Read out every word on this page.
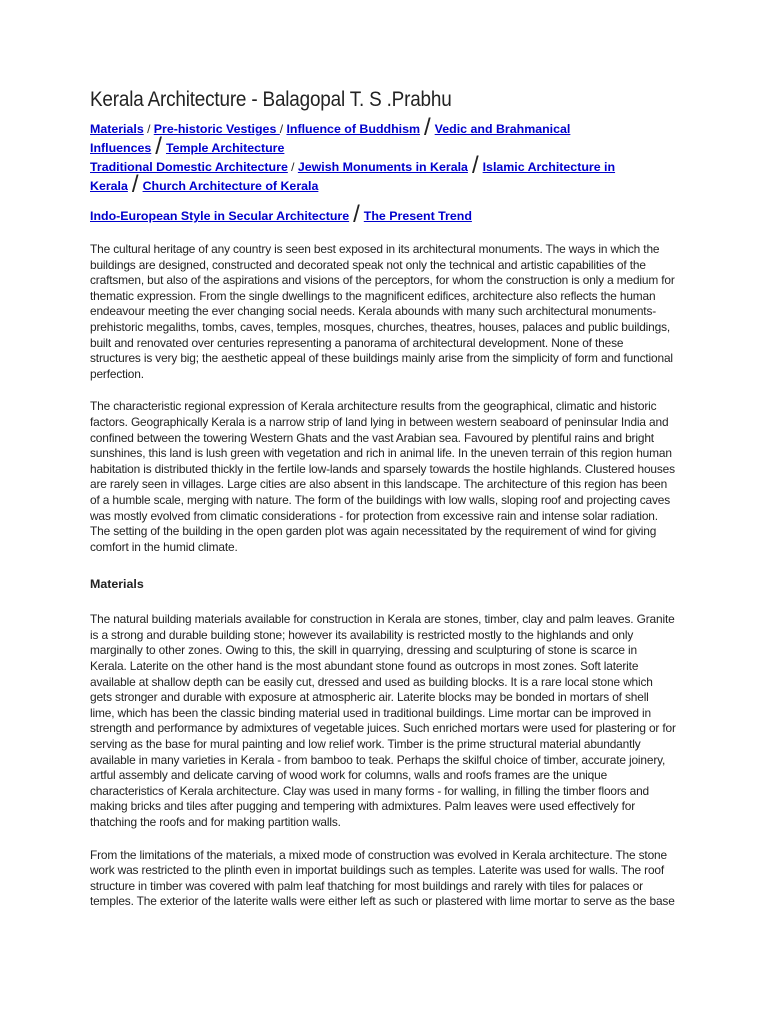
Kerala Architecture - Balagopal T. S .Prabhu

Materials / Pre-historic Vestiges / Influence of Buddhism / Vedic and Brahmanical Influences / Temple Architecture

Traditional Domestic Architecture / Jewish Monuments in Kerala / Islamic Architecture in Kerala / Church Architecture of Kerala

Indo-European Style in Secular Architecture / The Present Trend

The cultural heritage of any country is seen best exposed in its architectural monuments. The ways in which the buildings are designed, constructed and decorated speak not only the technical and artistic capabilities of the craftsmen, but also of the aspirations and visions of the perceptors, for whom the construction is only a medium for thematic expression. From the single dwellings to the magnificent edifices, architecture also reflects the human endeavour meeting the ever changing social needs. Kerala abounds with many such architectural monuments-prehistoric megaliths, tombs, caves, temples, mosques, churches, theatres, houses, palaces and public buildings, built and renovated over centuries representing a panorama of architectural development. None of these structures is very big; the aesthetic appeal of these buildings mainly arise from the simplicity of form and functional perfection.

The characteristic regional expression of Kerala architecture results from the geographical, climatic and historic factors. Geographically Kerala is a narrow strip of land lying in between western seaboard of peninsular India and confined between the towering Western Ghats and the vast Arabian sea. Favoured by plentiful rains and bright sunshines, this land is lush green with vegetation and rich in animal life. In the uneven terrain of this region human habitation is distributed thickly in the fertile low-lands and sparsely towards the hostile highlands. Clustered houses are rarely seen in villages. Large cities are also absent in this landscape. The architecture of this region has been of a humble scale, merging with nature. The form of the buildings with low walls, sloping roof and projecting caves was mostly evolved from climatic considerations - for protection from excessive rain and intense solar radiation. The setting of the building in the open garden plot was again necessitated by the requirement of wind for giving comfort in the humid climate.

Materials

The natural building materials available for construction in Kerala are stones, timber, clay and palm leaves. Granite is a strong and durable building stone; however its availability is restricted mostly to the highlands and only marginally to other zones. Owing to this, the skill in quarrying, dressing and sculpturing of stone is scarce in Kerala. Laterite on the other hand is the most abundant stone found as outcrops in most zones. Soft laterite available at shallow depth can be easily cut, dressed and used as building blocks. It is a rare local stone which gets stronger and durable with exposure at atmospheric air. Laterite blocks may be bonded in mortars of shell lime, which has been the classic binding material used in traditional buildings. Lime mortar can be improved in strength and performance by admixtures of vegetable juices. Such enriched mortars were used for plastering or for serving as the base for mural painting and low relief work. Timber is the prime structural material abundantly available in many varieties in Kerala - from bamboo to teak. Perhaps the skilful choice of timber, accurate joinery, artful assembly and delicate carving of wood work for columns, walls and roofs frames are the unique characteristics of Kerala architecture. Clay was used in many forms - for walling, in filling the timber floors and making bricks and tiles after pugging and tempering with admixtures. Palm leaves were used effectively for thatching the roofs and for making partition walls.

From the limitations of the materials, a mixed mode of construction was evolved in Kerala architecture. The stone work was restricted to the plinth even in importat buildings such as temples. Laterite was used for walls. The roof structure in timber was covered with palm leaf thatching for most buildings and rarely with tiles for palaces or temples. The exterior of the laterite walls were either left as such or plastered with lime mortar to serve as the base
